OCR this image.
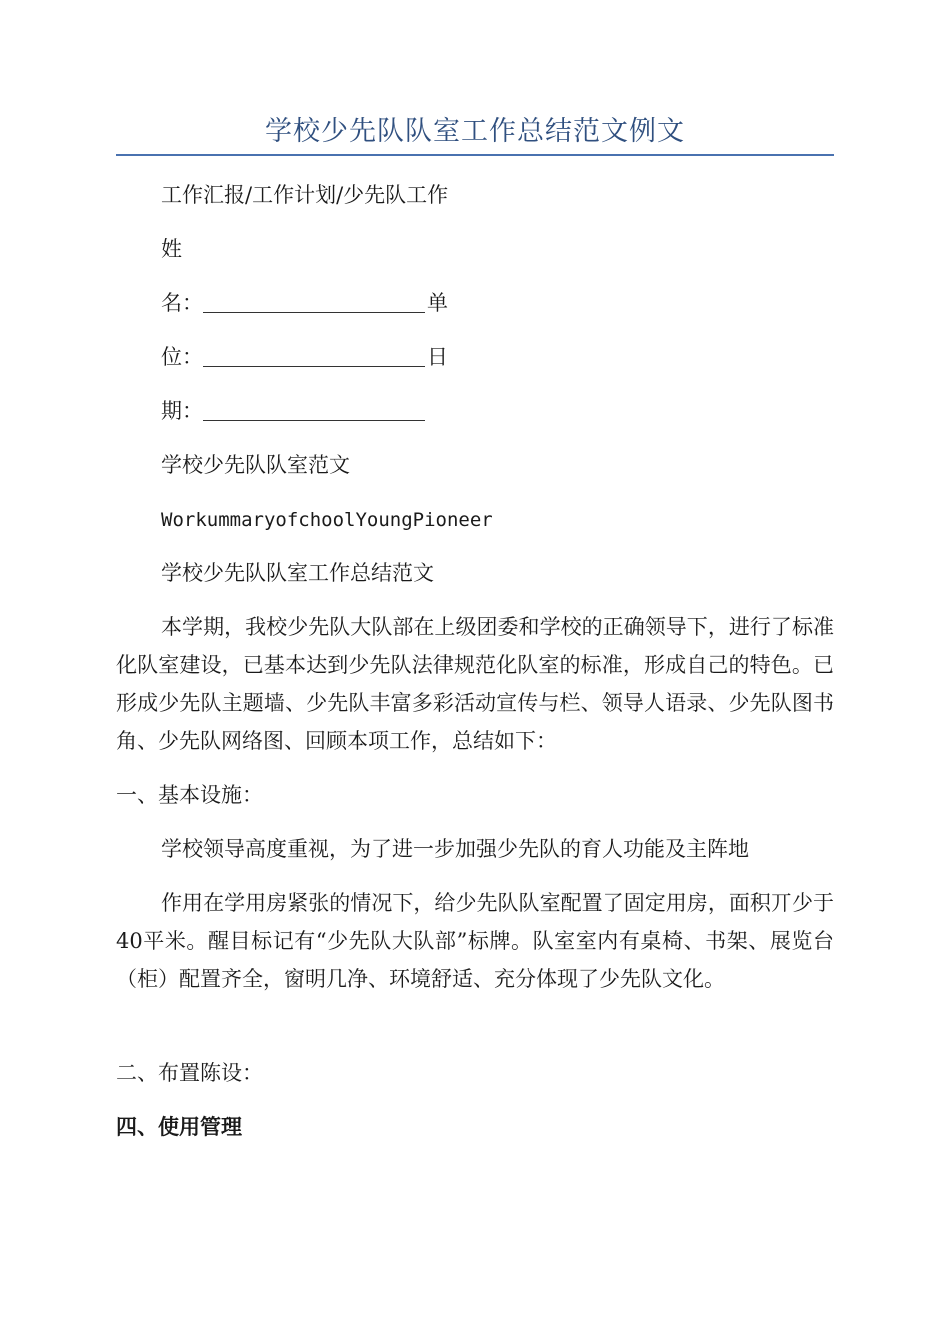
学校少先队队室工作总结范文例文
工作汇报/工作计划/少先队工作
姓
名：	单
位：	日
期：
学校少先队队室范文
WorkummaryofchoolYoungPioneer
学校少先队队室工作总结范文
本学期，我校少先队大队部在上级团委和学校的正确领导下，进行了标准化队室建设，已基本达到少先队法律规范化队室的标准，形成自己的特色。已形成少先队主题墙、少先队丰富多彩活动宣传与栏、领导人语录、少先队图书角、少先队网络图、回顾本项工作，总结如下：
一、基本设施：
学校领导高度重视，为了进一步加强少先队的育人功能及主阵地
作用在学用房紧张的情况下，给少先队队室配置了固定用房，面积丌少于40平米。醒目标记有“少先队大队部”标牌。队室室内有桌椅、书架、展览台（柜）配置齐全，窗明几净、环境舒适、充分体现了少先队文化。
二、布置陈设：
四、使用管理
